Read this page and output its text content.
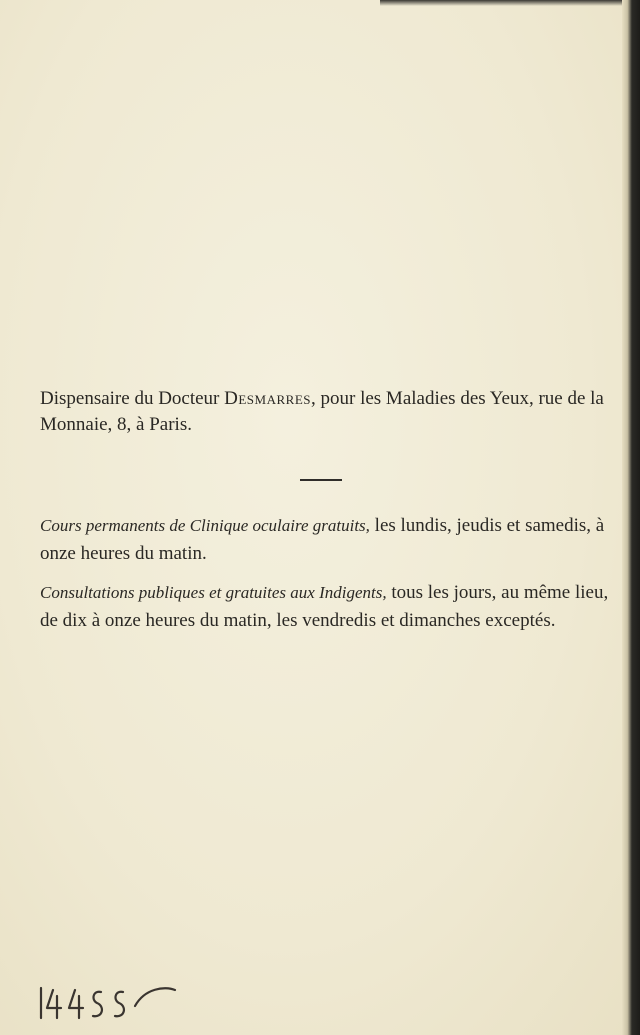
Dispensaire du Docteur Desmarres, pour les Maladies des Yeux, rue de la Monnaie, 8, à Paris.
Cours permanents de Clinique oculaire gratuits, les lundis, jeudis et samedis, à onze heures du matin.
Consultations publiques et gratuites aux Indigents, tous les jours, au même lieu, de dix à onze heures du matin, les vendredis et dimanches exceptés.
